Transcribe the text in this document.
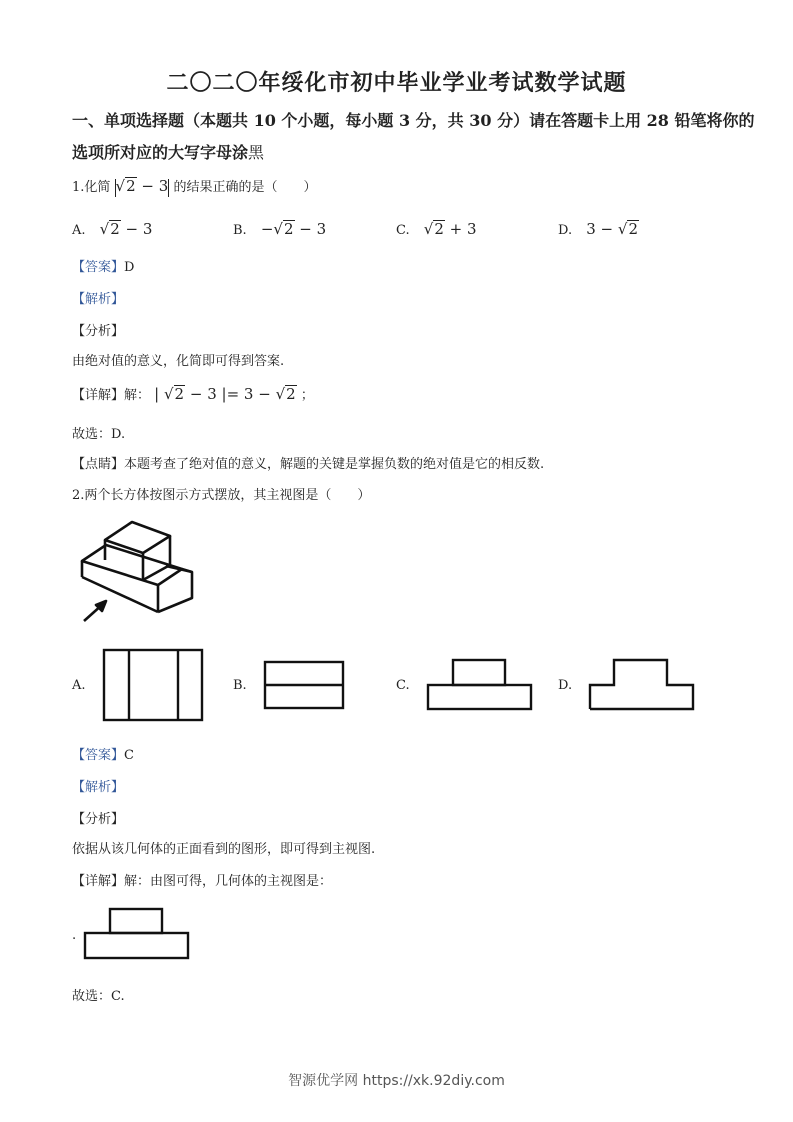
二〇二〇年绥化市初中毕业学业考试数学试题
一、单项选择题（本题共 10 个小题，每小题 3 分，共 30 分）请在答题卡上用 28 铅笔将你的
选项所对应的大写字母涂黑
1.化简 √2 − 3 的结果正确的是（　　）
A. √2 − 3	B. −√2 − 3	C. √2 + 3	D. 3 − √2
【答案】D
【解析】
【分析】
由绝对值的意义，化简即可得到答案.
【详解】解： | √2 − 3 |= 3 − √2 ；
故选：D.
【点睛】本题考查了绝对值的意义，解题的关键是掌握负数的绝对值是它的相反数.
2.两个长方体按图示方式摆放，其主视图是（　　）
A.	B.	C.	D.
【答案】C
【解析】
【分析】
依据从该几何体的正面看到的图形，即可得到主视图.
【详解】解：由图可得，几何体的主视图是：
.
故选：C.
智源优学网 https://xk.92diy.com
